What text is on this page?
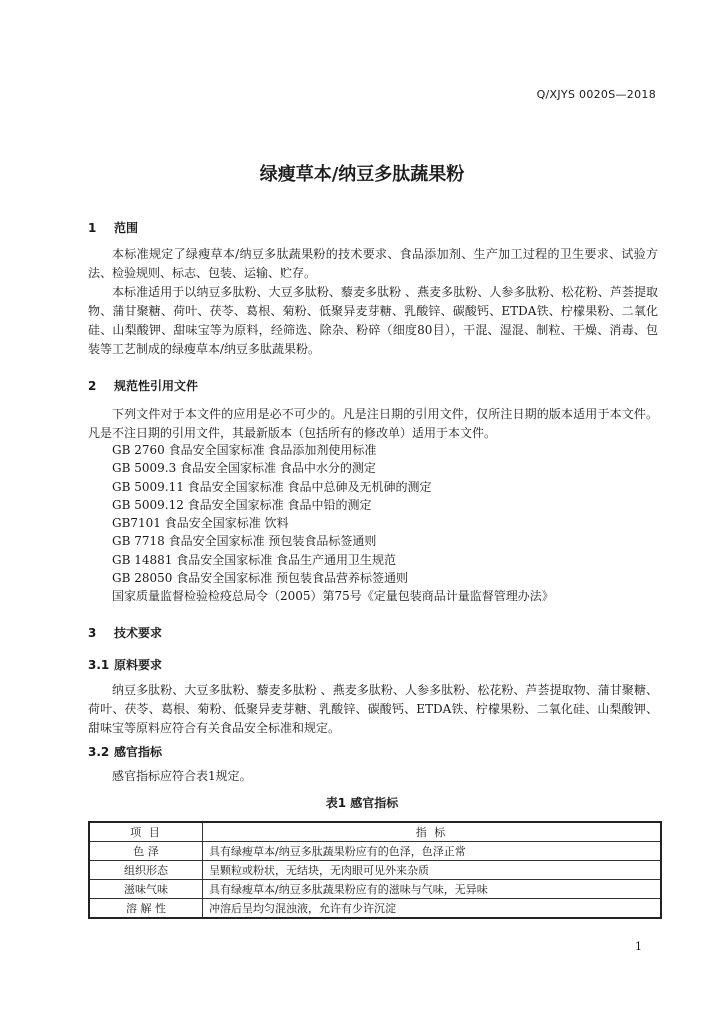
Q/XJYS 0020S—2018
绿瘦草本/纳豆多肽蔬果粉
1 范围
本标准规定了绿瘦草本/纳豆多肽蔬果粉的技术要求、食品添加剂、生产加工过程的卫生要求、试验方法、检验规则、标志、包装、运输、贮存。
本标准适用于以纳豆多肽粉、大豆多肽粉、藜麦多肽粉 、燕麦多肽粉、人参多肽粉、松花粉、芦荟提取物、蒲甘聚糖、荷叶、茯苓、葛根、菊粉、低聚异麦芽糖、乳酸锌、碳酸钙、ETDA铁、柠檬果粉、二氧化硅、山梨酸钾、甜味宝等为原料，经筛选、除杂、粉碎（细度80目），干混、湿混、制粒、干燥、消毒、包装等工艺制成的绿瘦草本/纳豆多肽蔬果粉。
2 规范性引用文件
下列文件对于本文件的应用是必不可少的。凡是注日期的引用文件，仅所注日期的版本适用于本文件。凡是不注日期的引用文件，其最新版本（包括所有的修改单）适用于本文件。
GB 2760 食品安全国家标准 食品添加剂使用标准
GB 5009.3 食品安全国家标准 食品中水分的测定
GB 5009.11 食品安全国家标准 食品中总砷及无机砷的测定
GB 5009.12 食品安全国家标准 食品中铅的测定
GB7101 食品安全国家标准 饮料
GB 7718 食品安全国家标准 预包装食品标签通则
GB 14881 食品安全国家标准 食品生产通用卫生规范
GB 28050 食品安全国家标准 预包装食品营养标签通则
国家质量监督检验检疫总局令（2005）第75号《定量包装商品计量监督管理办法》
3 技术要求
3.1 原料要求
纳豆多肽粉、大豆多肽粉、藜麦多肽粉 、燕麦多肽粉、人参多肽粉、松花粉、芦荟提取物、蒲甘聚糖、荷叶、茯苓、葛根、菊粉、低聚异麦芽糖、乳酸锌、碳酸钙、ETDA铁、柠檬果粉、二氧化硅、山梨酸钾、甜味宝等原料应符合有关食品安全标准和规定。
3.2 感官指标
感官指标应符合表1规定。
表1 感官指标
项 目	指 标
色 泽	具有绿瘦草本/纳豆多肽蔬果粉应有的色泽，色泽正常
组织形态	呈颗粒或粉状，无结块，无肉眼可见外来杂质
滋味气味	具有绿瘦草本/纳豆多肽蔬果粉应有的滋味与气味，无异味
溶 解 性	冲溶后呈均匀混浊液，允许有少许沉淀
1
